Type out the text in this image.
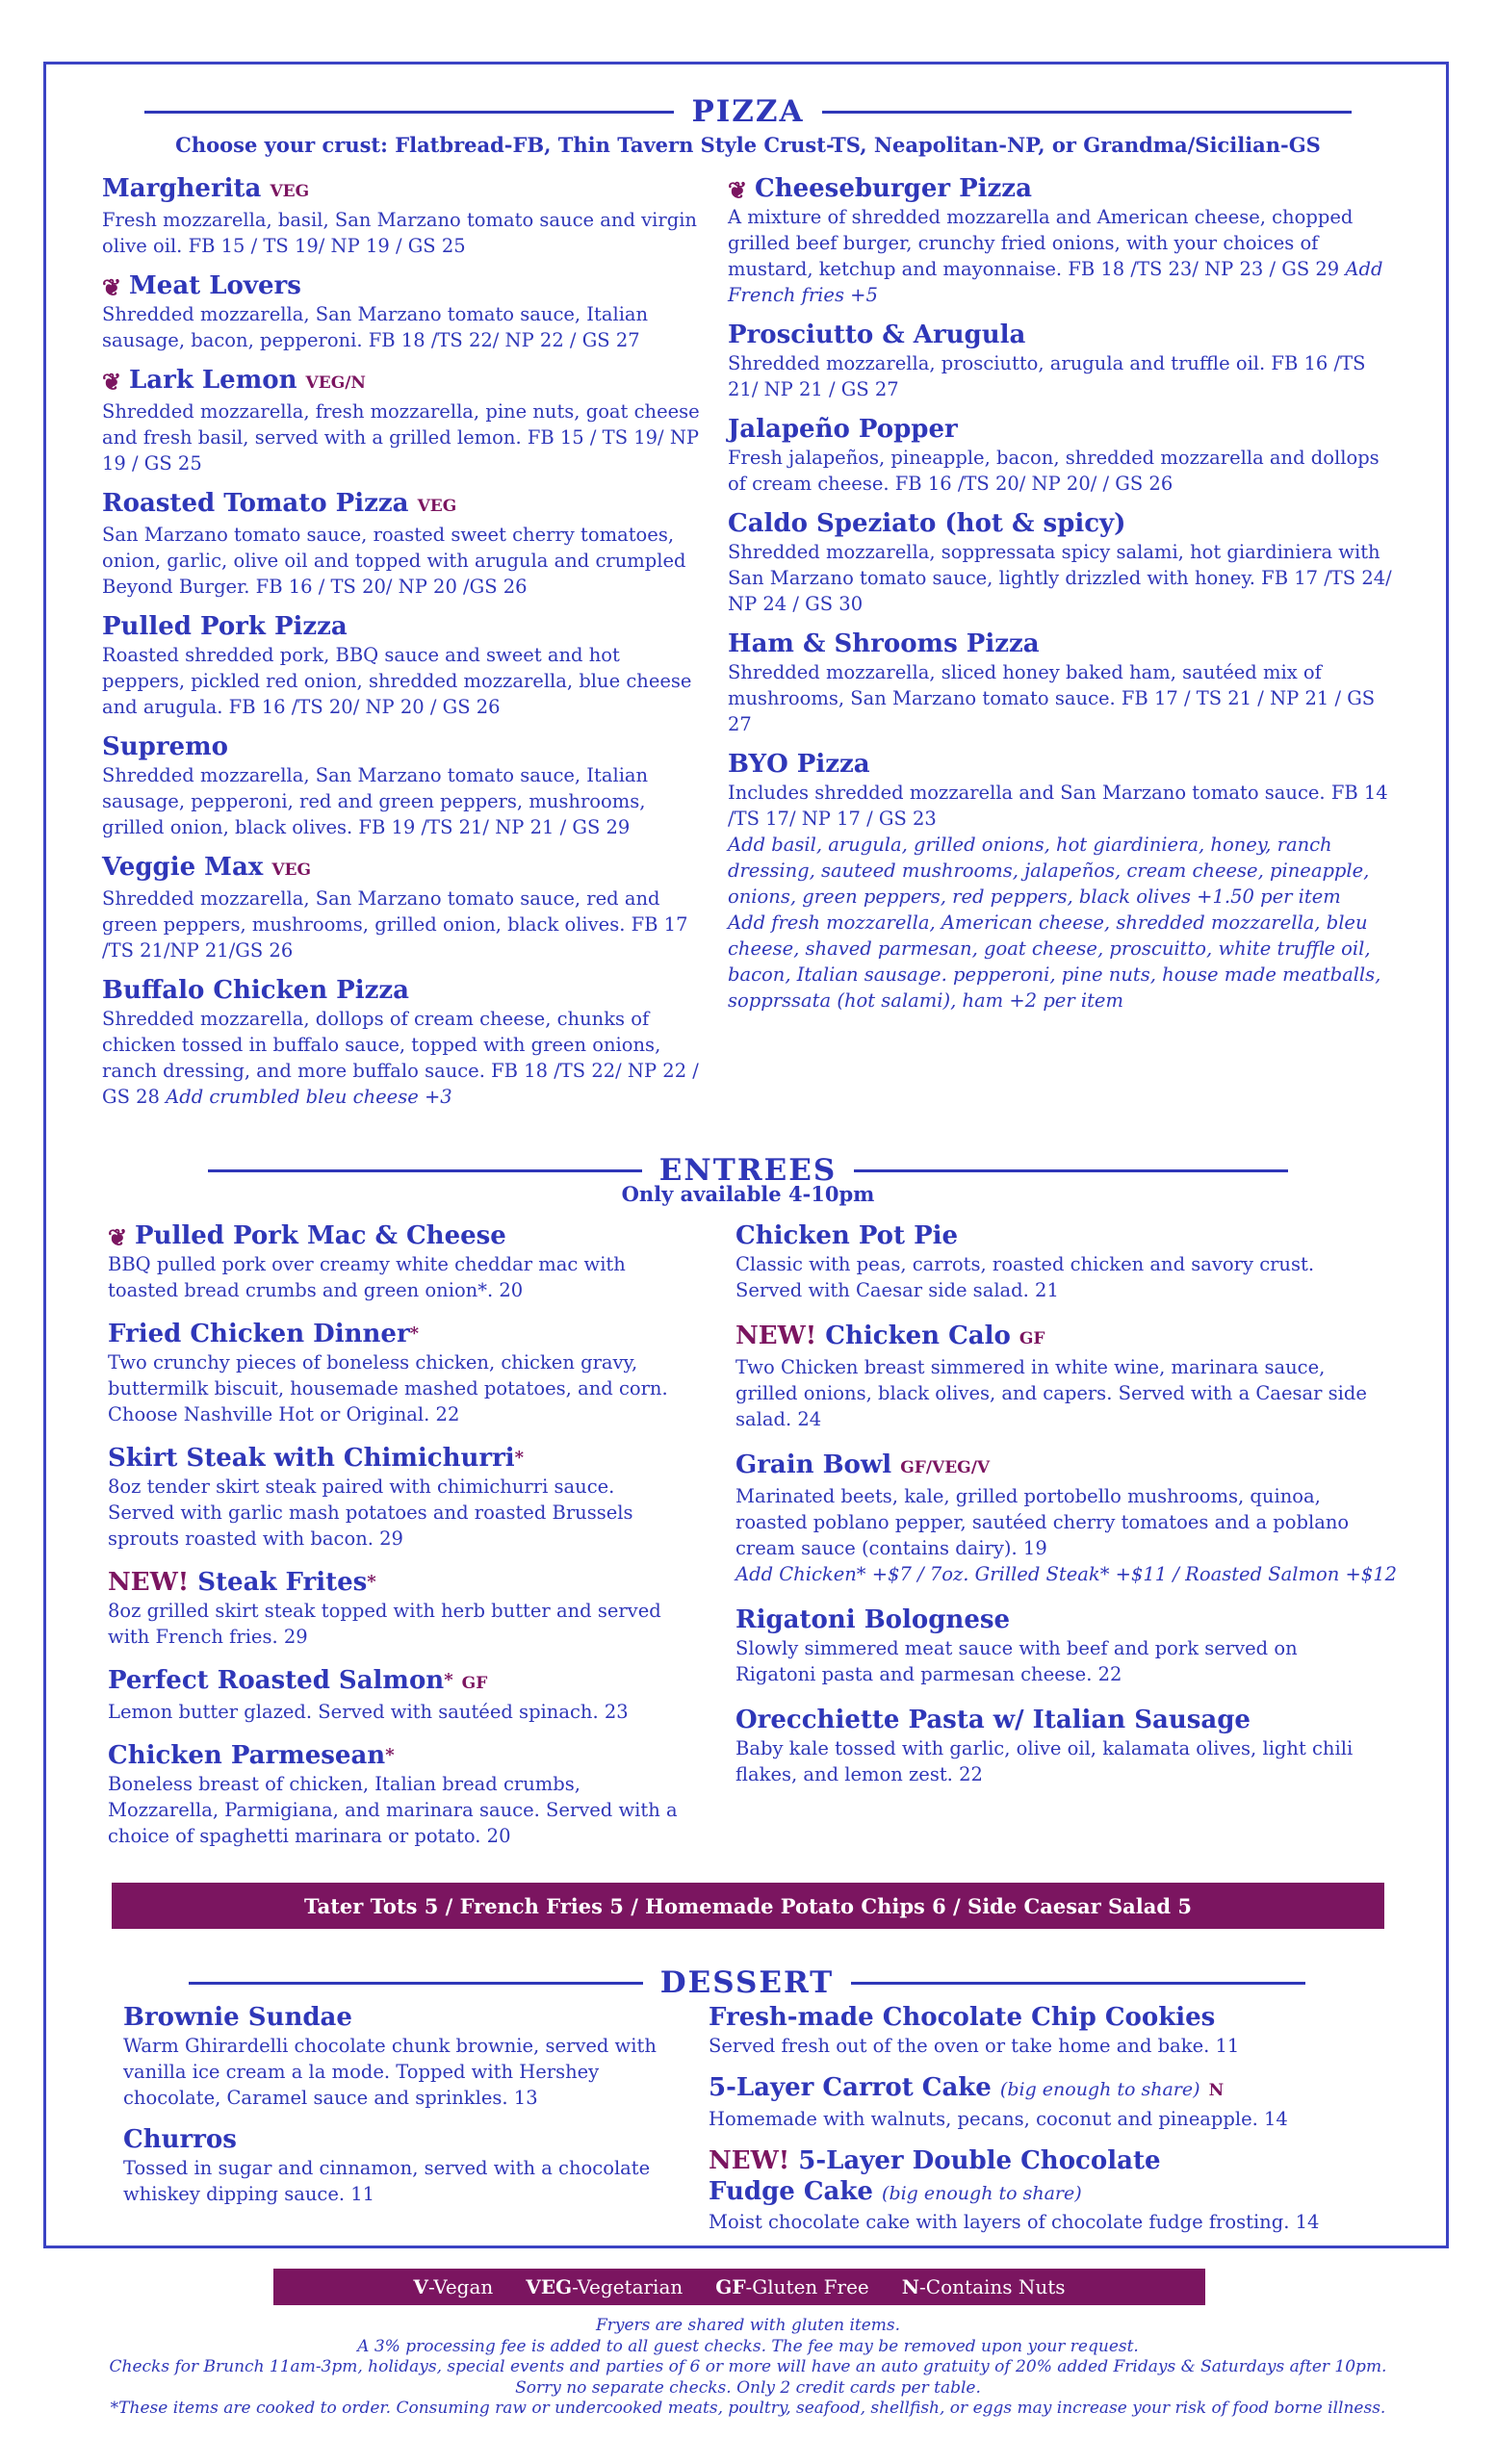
PIZZA
Choose your crust: Flatbread-FB, Thin Tavern Style Crust-TS, Neapolitan-NP, or Grandma/Sicilian-GS
Margherita VEG
Fresh mozzarella, basil, San Marzano tomato sauce and virgin olive oil. FB 15 / TS 19/ NP 19 / GS 25
❦ Meat Lovers
Shredded mozzarella, San Marzano tomato sauce, Italian sausage, bacon, pepperoni. FB 18 /TS 22/ NP 22 / GS 27
❦ Lark Lemon VEG/N
Shredded mozzarella, fresh mozzarella, pine nuts, goat cheese and fresh basil, served with a grilled lemon. FB 15 / TS 19/ NP 19 / GS 25
Roasted Tomato Pizza VEG
San Marzano tomato sauce, roasted sweet cherry tomatoes, onion, garlic, olive oil and topped with arugula and crumpled Beyond Burger. FB 16 / TS 20/ NP 20 /GS 26
Pulled Pork Pizza
Roasted shredded pork, BBQ sauce and sweet and hot peppers, pickled red onion, shredded mozzarella, blue cheese and arugula. FB 16 /TS 20/ NP 20 / GS 26
Supremo
Shredded mozzarella, San Marzano tomato sauce, Italian sausage, pepperoni, red and green peppers, mushrooms, grilled onion, black olives. FB 19 /TS 21/ NP 21 / GS 29
Veggie Max VEG
Shredded mozzarella, San Marzano tomato sauce, red and green peppers, mushrooms, grilled onion, black olives. FB 17 /TS 21/NP 21/GS 26
Buffalo Chicken Pizza
Shredded mozzarella, dollops of cream cheese, chunks of chicken tossed in buffalo sauce, topped with green onions, ranch dressing, and more buffalo sauce. FB 18 /TS 22/ NP 22 / GS 28 Add crumbled bleu cheese +3
❦ Cheeseburger Pizza
A mixture of shredded mozzarella and American cheese, chopped grilled beef burger, crunchy fried onions, with your choices of mustard, ketchup and mayonnaise. FB 18 /TS 23/ NP 23 / GS 29 Add French fries +5
Prosciutto & Arugula
Shredded mozzarella, prosciutto, arugula and truffle oil. FB 16 /TS 21/ NP 21 / GS 27
Jalapeño Popper
Fresh jalapeños, pineapple, bacon, shredded mozzarella and dollops of cream cheese. FB 16 /TS 20/ NP 20/ / GS 26
Caldo Speziato (hot & spicy)
Shredded mozzarella, soppressata spicy salami, hot giardiniera with San Marzano tomato sauce, lightly drizzled with honey. FB 17 /TS 24/ NP 24 / GS 30
Ham & Shrooms Pizza
Shredded mozzarella, sliced honey baked ham, sautéed mix of mushrooms, San Marzano tomato sauce. FB 17 / TS 21 / NP 21 / GS 27
BYO Pizza
Includes shredded mozzarella and San Marzano tomato sauce. FB 14 /TS 17/ NP 17 / GS 23
Add basil, arugula, grilled onions, hot giardiniera, honey, ranch dressing, sauteed mushrooms, jalapeños, cream cheese, pineapple, onions, green peppers, red peppers, black olives +1.50 per item
Add fresh mozzarella, American cheese, shredded mozzarella, bleu cheese, shaved parmesan, goat cheese, proscuitto, white truffle oil, bacon, Italian sausage. pepperoni, pine nuts, house made meatballs, sopprssata (hot salami), ham +2 per item
ENTREES
Only available 4-10pm
❦ Pulled Pork Mac & Cheese
BBQ pulled pork over creamy white cheddar mac with toasted bread crumbs and green onion*. 20
Fried Chicken Dinner*
Two crunchy pieces of boneless chicken, chicken gravy, buttermilk biscuit, housemade mashed potatoes, and corn. Choose Nashville Hot or Original. 22
Skirt Steak with Chimichurri*
8oz tender skirt steak paired with chimichurri sauce. Served with garlic mash potatoes and roasted Brussels sprouts roasted with bacon. 29
NEW! Steak Frites*
8oz grilled skirt steak topped with herb butter and served with French fries. 29
Perfect Roasted Salmon* GF
Lemon butter glazed. Served with sautéed spinach. 23
Chicken Parmesean*
Boneless breast of chicken, Italian bread crumbs, Mozzarella, Parmigiana, and marinara sauce. Served with a choice of spaghetti marinara or potato. 20
Chicken Pot Pie
Classic with peas, carrots, roasted chicken and savory crust. Served with Caesar side salad. 21
NEW! Chicken Calo GF
Two Chicken breast simmered in white wine, marinara sauce, grilled onions, black olives, and capers. Served with a Caesar side salad. 24
Grain Bowl GF/VEG/V
Marinated beets, kale, grilled portobello mushrooms, quinoa, roasted poblano pepper, sautéed cherry tomatoes and a poblano cream sauce (contains dairy). 19
Add Chicken* +$7 / 7oz. Grilled Steak* +$11 / Roasted Salmon +$12
Rigatoni Bolognese
Slowly simmered meat sauce with beef and pork served on Rigatoni pasta and parmesan cheese. 22
Orecchiette Pasta w/ Italian Sausage
Baby kale tossed with garlic, olive oil, kalamata olives, light chili flakes, and lemon zest. 22
Tater Tots 5 / French Fries 5 / Homemade Potato Chips 6 / Side Caesar Salad 5
DESSERT
Brownie Sundae
Warm Ghirardelli chocolate chunk brownie, served with vanilla ice cream a la mode. Topped with Hershey chocolate, Caramel sauce and sprinkles. 13
Churros
Tossed in sugar and cinnamon, served with a chocolate whiskey dipping sauce. 11
Fresh-made Chocolate Chip Cookies
Served fresh out of the oven or take home and bake. 11
5-Layer Carrot Cake (big enough to share) N
Homemade with walnuts, pecans, coconut and pineapple. 14
NEW! 5-Layer Double Chocolate
Fudge Cake (big enough to share)
Moist chocolate cake with layers of chocolate fudge frosting. 14
V-Vegan VEG-Vegetarian GF-Gluten Free N-Contains Nuts
Fryers are shared with gluten items.
A 3% processing fee is added to all guest checks. The fee may be removed upon your request.
Checks for Brunch 11am-3pm, holidays, special events and parties of 6 or more will have an auto gratuity of 20% added Fridays & Saturdays after 10pm.
Sorry no separate checks. Only 2 credit cards per table.
*These items are cooked to order. Consuming raw or undercooked meats, poultry, seafood, shellfish, or eggs may increase your risk of food borne illness.
